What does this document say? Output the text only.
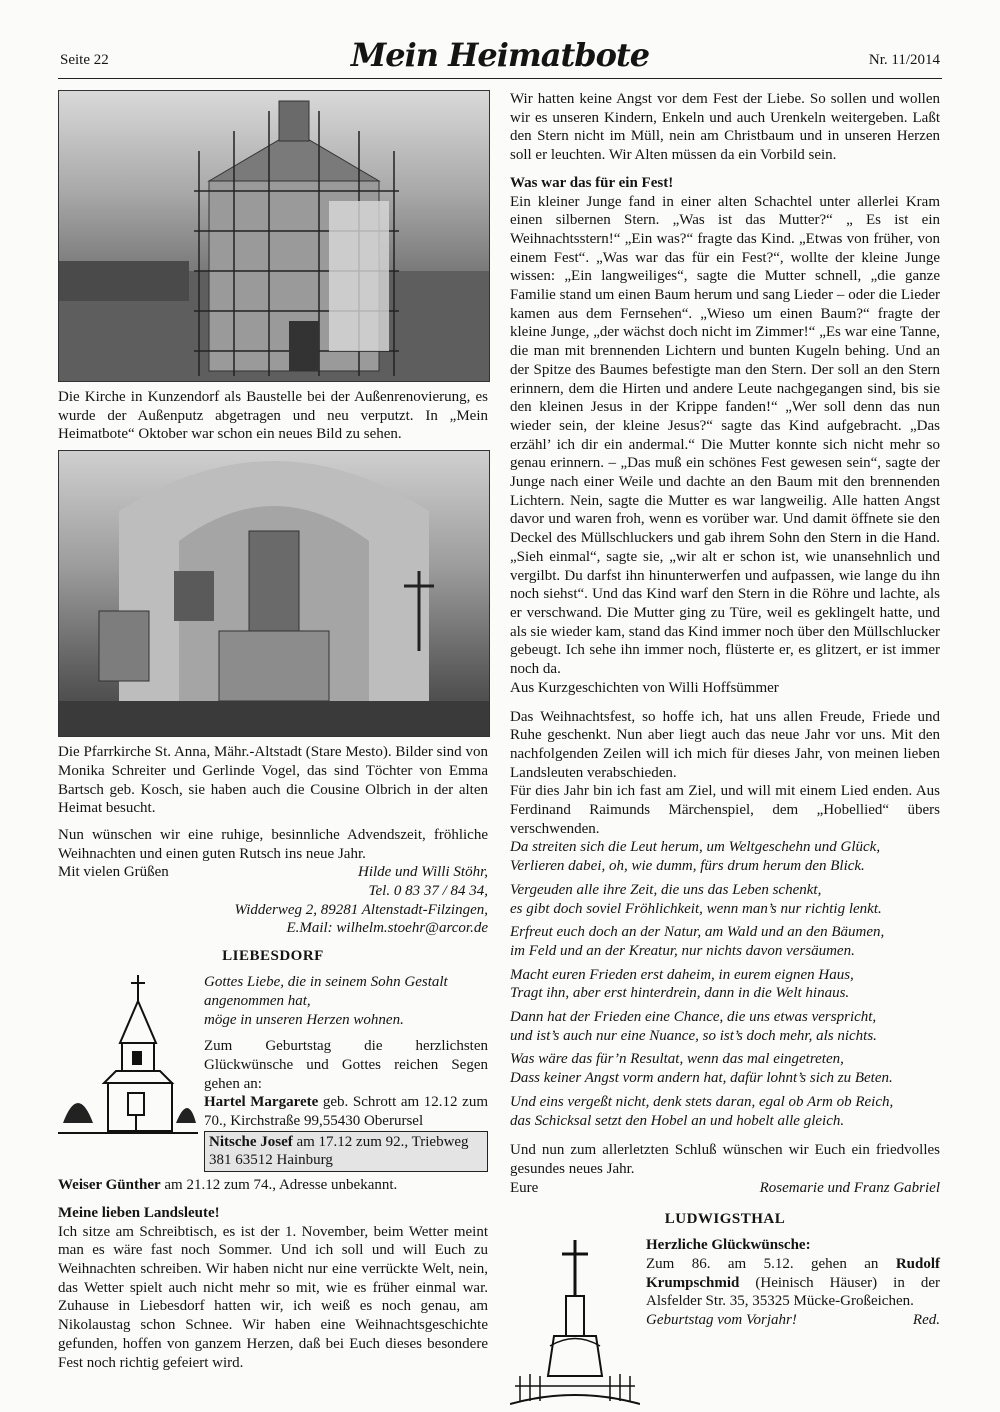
Seite 22	Mein Heimatbote	Nr. 11/2014

Die Kirche in Kunzendorf als Baustelle bei der Außenrenovierung, es wurde der Außenputz abgetragen und neu verputzt. In „Mein Heimatbote“ Oktober war schon ein neues Bild zu sehen.

Die Pfarrkirche St. Anna, Mähr.-Altstadt (Stare Mesto). Bilder sind von Monika Schreiter und Gerlinde Vogel, das sind Töchter von Emma Bartsch geb. Kosch, sie haben auch die Cousine Olbrich in der alten Heimat besucht.

Nun wünschen wir eine ruhige, besinnliche Advendszeit, fröhliche Weihnachten und einen guten Rutsch ins neue Jahr.

Mit vielen Grüßen	Hilde und Willi Stöhr,
Tel. 0 83 37 / 84 34,
Widderweg 2, 89281 Altenstadt-Filzingen,
E.Mail: wilhelm.stoehr@arcor.de
LIEBESDORF

Gottes Liebe, die in seinem Sohn Gestalt angenommen hat,

möge in unseren Herzen wohnen.

Zum Geburtstag die herzlichsten Glückwünsche und Gottes reichen Segen gehen an:

Hartel Margarete geb. Schrott am 12.12 zum 70., Kirchstraße 99,55430 Oberursel

Nitsche Josef am 17.12 zum 92., Triebweg 381 63512 Hainburg

Weiser Günther am 21.12 zum 74., Adresse unbekannt.

Meine lieben Landsleute!

Ich sitze am Schreibtisch, es ist der 1. November, beim Wetter meint man es wäre fast noch Sommer. Und ich soll und will Euch zu Weihnachten schreiben. Wir haben nicht nur eine verrückte Welt, nein, das Wetter spielt auch nicht mehr so mit, wie es früher einmal war. Zuhause in Liebesdorf hatten wir, ich weiß es noch genau, am Nikolaustag schon Schnee. Wir haben eine Weihnachtsgeschichte gefunden, hoffen von ganzem Herzen, daß bei Euch dieses besondere Fest noch richtig gefeiert wird.

Wir hatten keine Angst vor dem Fest der Liebe. So sollen und wollen wir es unseren Kindern, Enkeln und auch Urenkeln weitergeben. Laßt den Stern nicht im Müll, nein am Christbaum und in unseren Herzen soll er leuchten. Wir Alten müssen da ein Vorbild sein.

Was war das für ein Fest!

Ein kleiner Junge fand in einer alten Schachtel unter allerlei Kram einen silbernen Stern. „Was ist das Mutter?“ „ Es ist ein Weihnachtsstern!“ „Ein was?“ fragte das Kind. „Etwas von früher, von einem Fest“. „Was war das für ein Fest?“, wollte der kleine Junge wissen: „Ein langweiliges“, sagte die Mutter schnell, „die ganze Familie stand um einen Baum herum und sang Lieder – oder die Lieder kamen aus dem Fernsehen“. „Wieso um einen Baum?“ fragte der kleine Junge, „der wächst doch nicht im Zimmer!“ „Es war eine Tanne, die man mit brennenden Lichtern und bunten Kugeln behing. Und an der Spitze des Baumes befestigte man den Stern. Der soll an den Stern erinnern, dem die Hirten und andere Leute nachgegangen sind, bis sie den kleinen Jesus in der Krippe fanden!“ „Wer soll denn das nun wieder sein, der kleine Jesus?“ sagte das Kind aufgebracht. „Das erzähl’ ich dir ein andermal.“ Die Mutter konnte sich nicht mehr so genau erinnern. – „Das muß ein schönes Fest gewesen sein“, sagte der Junge nach einer Weile und dachte an den Baum mit den brennenden Lichtern. Nein, sagte die Mutter es war langweilig. Alle hatten Angst davor und waren froh, wenn es vorüber war. Und damit öffnete sie den Deckel des Müllschluckers und gab ihrem Sohn den Stern in die Hand. „Sieh einmal“, sagte sie, „wir alt er schon ist, wie unansehnlich und vergilbt. Du darfst ihn hinunterwerfen und aufpassen, wie lange du ihn noch siehst“. Und das Kind warf den Stern in die Röhre und lachte, als er verschwand. Die Mutter ging zu Türe, weil es geklingelt hatte, und als sie wieder kam, stand das Kind immer noch über den Müllschlucker gebeugt. Ich sehe ihn immer noch, flüsterte er, es glitzert, er ist immer noch da.

Aus Kurzgeschichten von Willi Hoffsümmer

Das Weihnachtsfest, so hoffe ich, hat uns allen Freude, Friede und Ruhe geschenkt. Nun aber liegt auch das neue Jahr vor uns. Mit den nachfolgenden Zeilen will ich mich für dieses Jahr, von meinen lieben Landsleuten verabschieden.

Für dies Jahr bin ich fast am Ziel, und will mit einem Lied enden. Aus Ferdinand Raimunds Märchenspiel, dem „Hobellied“ übers verschwenden.

Da streiten sich die Leut herum, um Weltgeschehn und Glück,

Verlieren dabei, oh, wie dumm, fürs drum herum den Blick.

Vergeuden alle ihre Zeit, die uns das Leben schenkt,

es gibt doch soviel Fröhlichkeit, wenn man’s nur richtig lenkt.

Erfreut euch doch an der Natur, am Wald und an den Bäumen,

im Feld und an der Kreatur, nur nichts davon versäumen.

Macht euren Frieden erst daheim, in eurem eignen Haus,

Tragt ihn, aber erst hinterdrein, dann in die Welt hinaus.

Dann hat der Frieden eine Chance, die uns etwas verspricht,

und ist’s auch nur eine Nuance, so ist’s doch mehr, als nichts.

Was wäre das für’n Resultat, wenn das mal eingetreten,

Dass keiner Angst vorm andern hat, dafür lohnt’s sich zu Beten.

Und eins vergeßt nicht, denk stets daran, egal ob Arm ob Reich,

das Schicksal setzt den Hobel an und hobelt alle gleich.

Und nun zum allerletzten Schluß wünschen wir Euch ein friedvolles gesundes neues Jahr.

Eure	Rosemarie und Franz Gabriel
LUDWIGSTHAL

Herzliche Glückwünsche:

Zum 86. am 5.12. gehen an Rudolf Krumpschmid (Heinisch Häuser) in der Alsfelder Str. 35, 35325 Mücke-Großeichen.

Geburtstag vom Vorjahr!	Red.
